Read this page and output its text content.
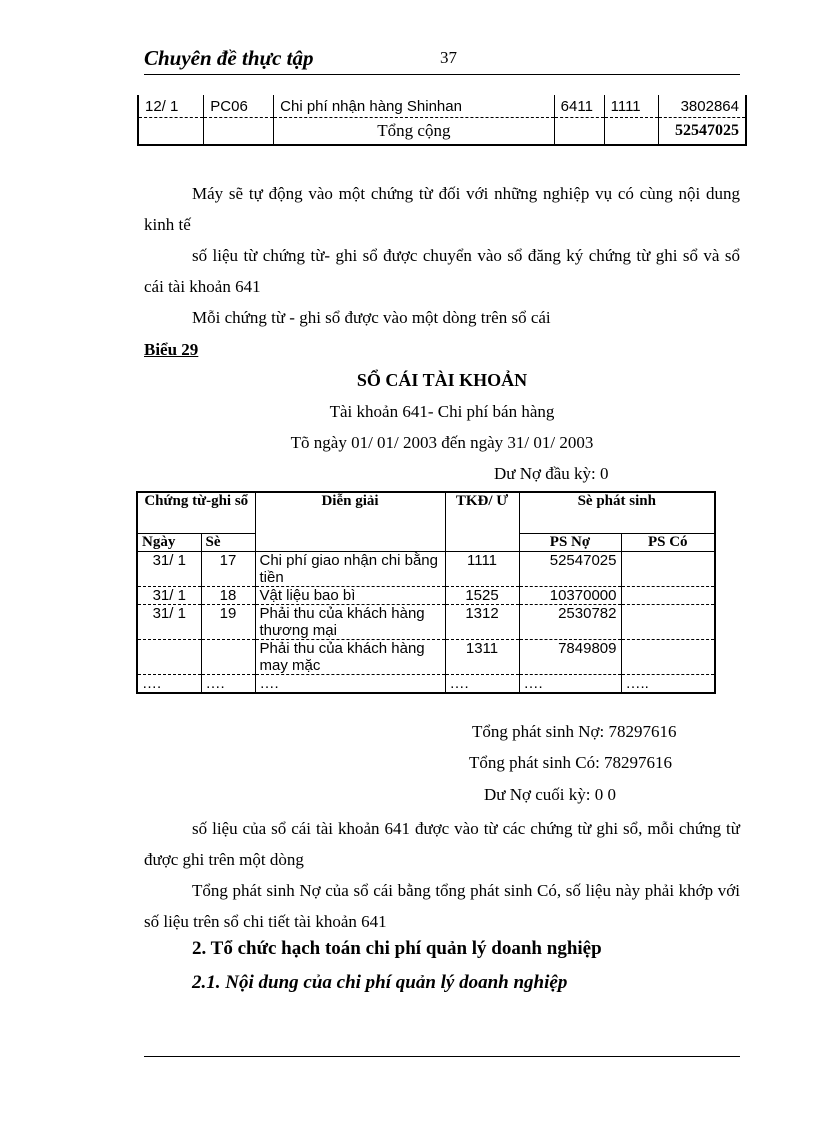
Chuyên đề thực tập	37
12/ 1	PC06	Chi phí nhận hàng Shinhan	6411	1111	3802864
		Tổng cộng			52547025
Máy sẽ tự động vào một chứng từ đối với những nghiệp vụ có cùng nội dung kinh tế
số liệu từ chứng từ- ghi sổ được chuyển vào sổ đăng ký chứng từ ghi sổ và sổ cái tài khoản 641
Mỗi chứng từ - ghi sổ được vào một dòng trên sổ cái
Biểu 29
SỔ CÁI TÀI KHOẢN
Tài khoản 641- Chi phí bán hàng
Tõ ngày 01/ 01/ 2003 đến ngày 31/ 01/ 2003
Dư Nợ đầu kỳ: 0
Chứng từ-ghi sổ		Diễn giải	TKĐ/ Ư	Sè phát sinh	
Ngày	Sè			PS Nợ	PS Có
31/ 1	17	Chi phí giao nhận chi bằng tiền	1111	52547025	
31/ 1	18	Vật liệu bao bì	1525	10370000	
31/ 1	19	Phải thu của khách hàng thương mại	1312	2530782	
		Phải thu của khách hàng may mặc	1311	7849809	
….	….	….	….	….	…..
Tổng phát sinh Nợ: 78297616
Tổng phát sinh Có: 78297616
Dư Nợ cuối kỳ: 0 0
số liệu của sổ cái tài khoản 641 được vào từ các chứng từ ghi sổ, mỗi chứng từ được ghi trên một dòng
Tổng phát sinh Nợ của sổ cái bằng tổng phát sinh Có, số liệu này phải khớp với số liệu trên sổ chi tiết tài khoản 641
2. Tổ chức hạch toán chi phí quản lý doanh nghiệp
2.1. Nội dung của chi phí quản lý doanh nghiệp
